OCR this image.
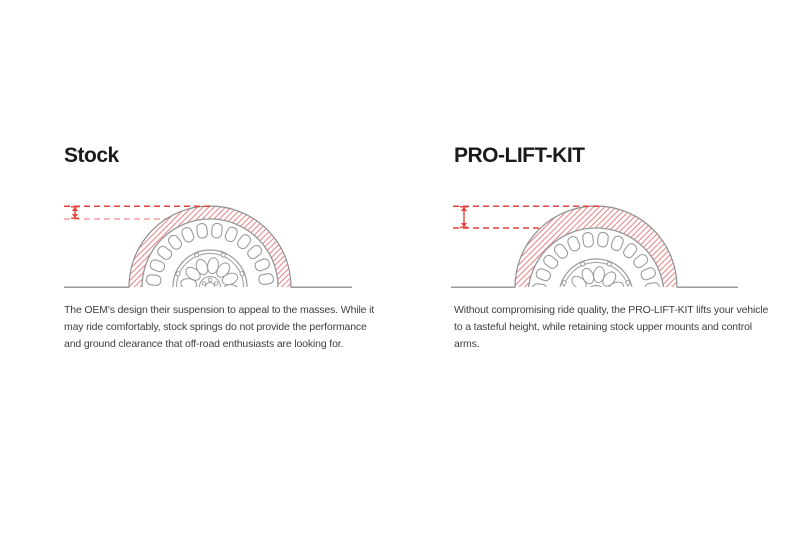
Stock	PRO-LIFT-KIT
The OEM's design their suspension to appeal to the masses. While it
may ride comfortably, stock springs do not provide the performance
and ground clearance that off-road enthusiasts are looking for.
Without compromising ride quality, the PRO-LIFT-KIT lifts your vehicle
to a tasteful height, while retaining stock upper mounts and control
arms.
